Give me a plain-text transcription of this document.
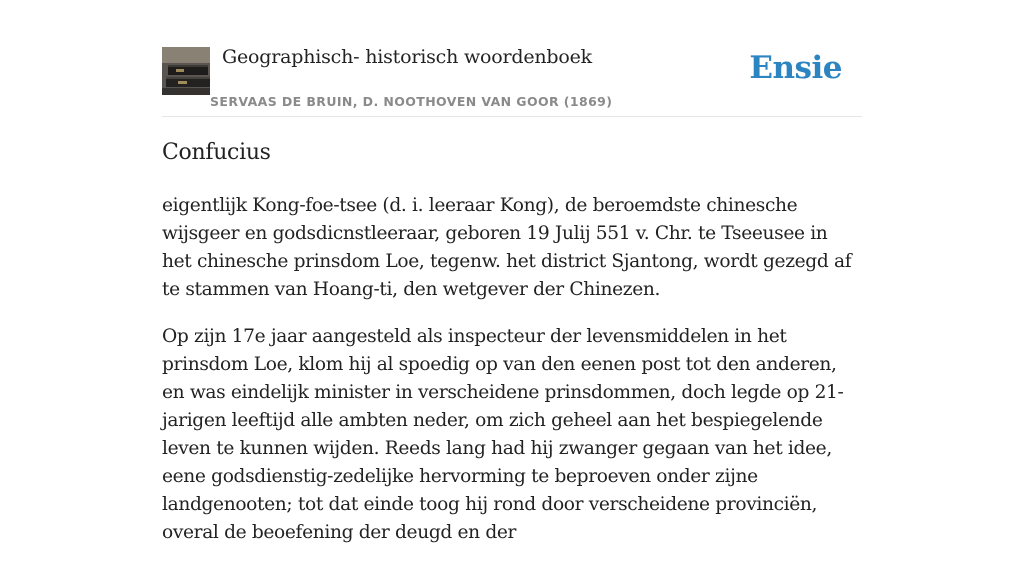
Geographisch- historisch woordenboek
SERVAAS DE BRUIN, D. NOOTHOVEN VAN GOOR (1869)
Ensie
Confucius

eigentlijk Kong-foe-tsee (d. i. leeraar Kong), de beroemdste chinesche wijsgeer en godsdicnstleeraar, geboren 19 Julij 551 v. Chr. te Tseeusee in het chinesche prinsdom Loe, tegenw. het district Sjantong, wordt gezegd af te stammen van Hoang-ti, den wetgever der Chinezen.

Op zijn 17e jaar aangesteld als inspecteur der levensmiddelen in het prinsdom Loe, klom hij al spoedig op van den eenen post tot den anderen, en was eindelijk minister in verscheidene prinsdommen, doch legde op 21-jarigen leeftijd alle ambten neder, om zich geheel aan het bespiegelende leven te kunnen wijden. Reeds lang had hij zwanger gegaan van het idee, eene godsdienstig-zedelijke hervorming te beproeven onder zijne landgenooten; tot dat einde toog hij rond door verscheidene provinciën, overal de beoefening der deugd en der
